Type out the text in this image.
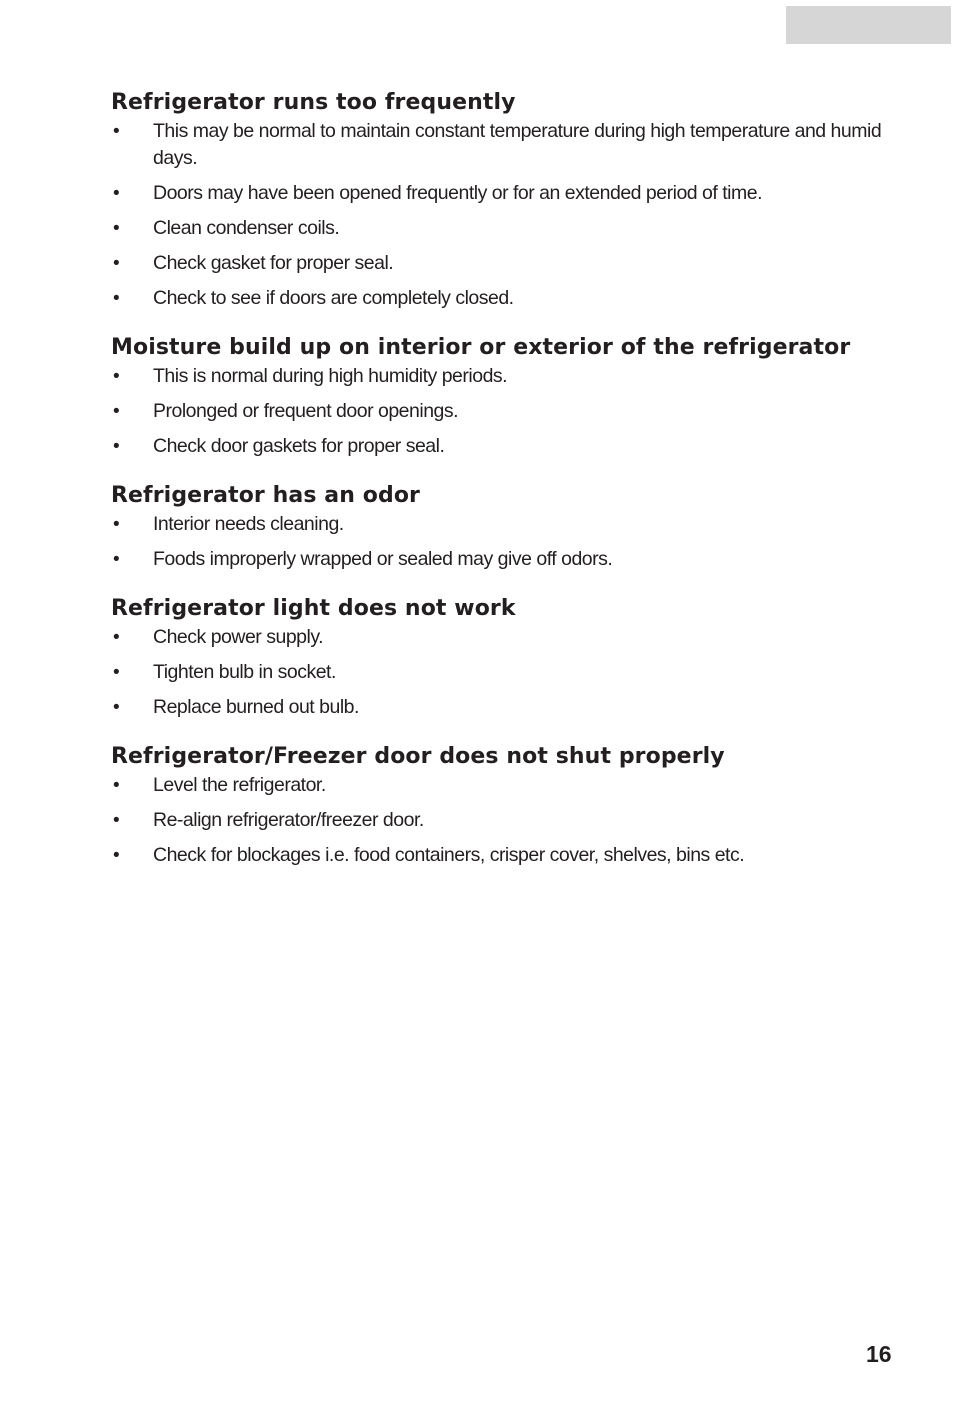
Refrigerator runs too frequently
• This may be normal to maintain constant temperature during high temperature and humid days.
• Doors may have been opened frequently or for an extended period of time.
• Clean condenser coils.
• Check gasket for proper seal.
• Check to see if doors are completely closed.
Moisture build up on interior or exterior of the refrigerator
• This is normal during high humidity periods.
• Prolonged or frequent door openings.
• Check door gaskets for proper seal.
Refrigerator has an odor
• Interior needs cleaning.
• Foods improperly wrapped or sealed may give off odors.
Refrigerator light does not work
• Check power supply.
• Tighten bulb in socket.
• Replace burned out bulb.
Refrigerator/Freezer door does not shut properly
• Level the refrigerator.
• Re-align refrigerator/freezer door.
• Check for blockages i.e. food containers, crisper cover, shelves, bins etc.
16
